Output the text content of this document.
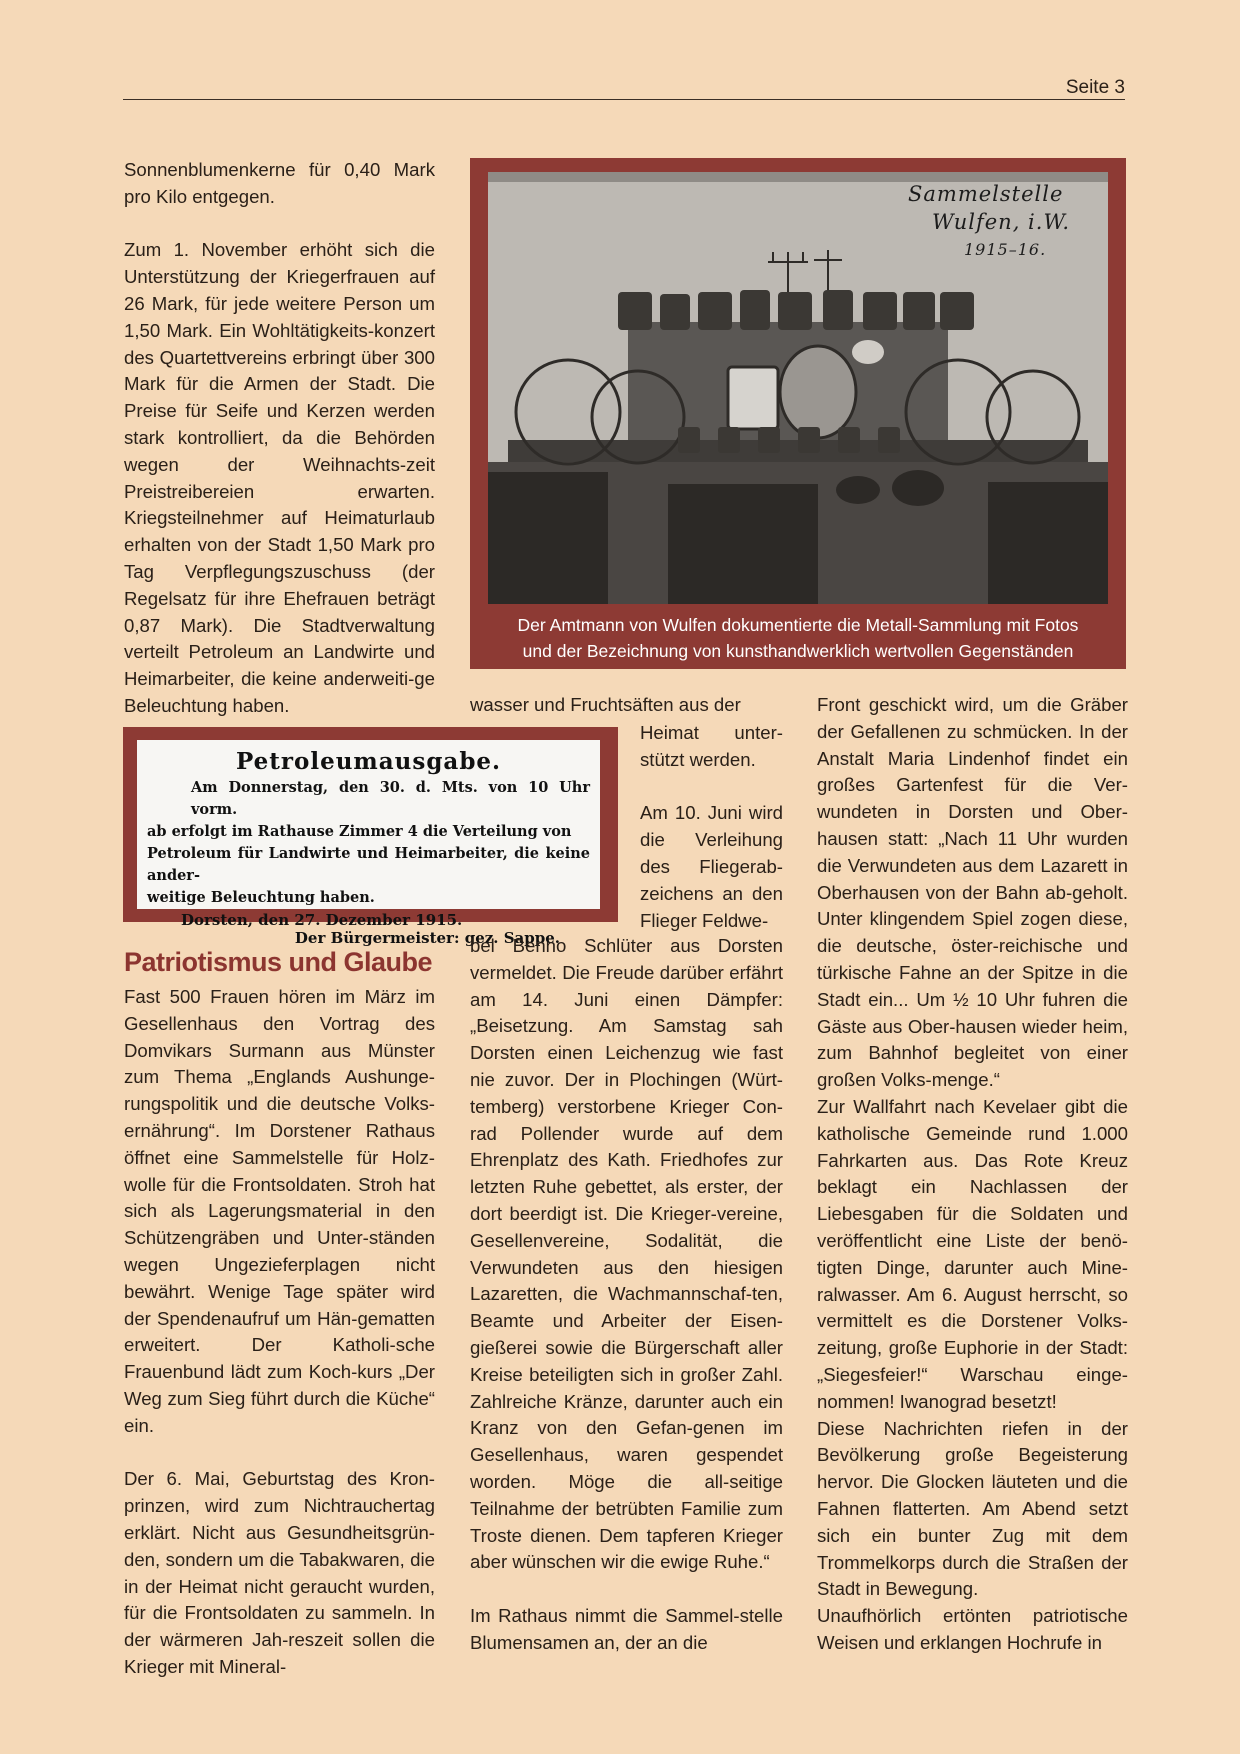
Seite 3

Sonnenblumenkerne für 0,40 Mark pro Kilo entgegen.

Zum 1. November erhöht sich die Unterstützung der Kriegerfrauen auf 26 Mark, für jede weitere Person um 1,50 Mark. Ein Wohltätigkeits-konzert des Quartettvereins erbringt über 300 Mark für die Armen der Stadt. Die Preise für Seife und Kerzen werden stark kontrolliert, da die Behörden wegen der Weihnachts-zeit Preistreibereien erwarten. Kriegsteilnehmer auf Heimaturlaub erhalten von der Stadt 1,50 Mark pro Tag Verpflegungszuschuss (der Regelsatz für ihre Ehefrauen beträgt 0,87 Mark). Die Stadtverwaltung verteilt Petroleum an Landwirte und Heimarbeiter, die keine anderweiti-ge Beleuchtung haben.

Sammelstelle
Wulfen, i.W.
1915–16.
Der Amtmann von Wulfen dokumentierte die Metall-Sammlung mit Fotos
und der Bezeichnung von kunsthandwerklich wertvollen Gegenständen
Petroleumausgabe.
Am Donnerstag, den 30. d. Mts. von 10 Uhr vorm.
ab erfolgt im Rathause Zimmer 4 die Verteilung von
Petroleum für Landwirte und Heimarbeiter, die keine ander-
weitige Beleuchtung haben.
Dorsten, den 27. Dezember 1915.
Der Bürgermeister: gez. Sappe.
Patriotismus und Glaube

Fast 500 Frauen hören im März im Gesellenhaus den Vortrag des Domvikars Surmann aus Münster zum Thema „Englands Aushunge-rungspolitik und die deutsche Volks-ernährung“. Im Dorstener Rathaus öffnet eine Sammelstelle für Holz-wolle für die Frontsoldaten. Stroh hat sich als Lagerungsmaterial in den Schützengräben und Unter-ständen wegen Ungezieferplagen nicht bewährt. Wenige Tage später wird der Spendenaufruf um Hän-gematten erweitert. Der Katholi-sche Frauenbund lädt zum Koch-kurs „Der Weg zum Sieg führt durch die Küche“ ein.

Der 6. Mai, Geburtstag des Kron-prinzen, wird zum Nichtrauchertag erklärt. Nicht aus Gesundheitsgrün-den, sondern um die Tabakwaren, die in der Heimat nicht geraucht wurden, für die Frontsoldaten zu sammeln. In der wärmeren Jah-reszeit sollen die Krieger mit Mineral-

wasser und Fruchtsäften aus der

Heimat unter-stützt werden.

Am 10. Juni wird die Verleihung des Fliegerab-zeichens an den Flieger Feldwe-

bel Benno Schlüter aus Dorsten vermeldet. Die Freude darüber erfährt am 14. Juni einen Dämpfer: „Beisetzung. Am Samstag sah Dorsten einen Leichenzug wie fast nie zuvor. Der in Plochingen (Würt-temberg) verstorbene Krieger Con-rad Pollender wurde auf dem Ehrenplatz des Kath. Friedhofes zur letzten Ruhe gebettet, als erster, der dort beerdigt ist. Die Krieger-vereine, Gesellenvereine, Sodalität, die Verwundeten aus den hiesigen Lazaretten, die Wachmannschaf-ten, Beamte und Arbeiter der Eisen-gießerei sowie die Bürgerschaft aller Kreise beteiligten sich in großer Zahl. Zahlreiche Kränze, darunter auch ein Kranz von den Gefan-genen im Gesellenhaus, waren gespendet worden. Möge die all-seitige Teilnahme der betrübten Familie zum Troste dienen. Dem tapferen Krieger aber wünschen wir die ewige Ruhe.“

Im Rathaus nimmt die Sammel-stelle Blumensamen an, der an die

Front geschickt wird, um die Gräber der Gefallenen zu schmücken. In der Anstalt Maria Lindenhof findet ein großes Gartenfest für die Ver-wundeten in Dorsten und Ober-hausen statt: „Nach 11 Uhr wurden die Verwundeten aus dem Lazarett in Oberhausen von der Bahn ab-geholt. Unter klingendem Spiel zogen diese, die deutsche, öster-reichische und türkische Fahne an der Spitze in die Stadt ein... Um ½ 10 Uhr fuhren die Gäste aus Ober-hausen wieder heim, zum Bahnhof begleitet von einer großen Volks-menge.“

Zur Wallfahrt nach Kevelaer gibt die katholische Gemeinde rund 1.000 Fahrkarten aus. Das Rote Kreuz beklagt ein Nachlassen der Liebesgaben für die Soldaten und veröffentlicht eine Liste der benö-tigten Dinge, darunter auch Mine-ralwasser. Am 6. August herrscht, so vermittelt es die Dorstener Volks-zeitung, große Euphorie in der Stadt: „Siegesfeier!“ Warschau einge-nommen! Iwanograd besetzt!

Diese Nachrichten riefen in der Bevölkerung große Begeisterung hervor. Die Glocken läuteten und die Fahnen flatterten. Am Abend setzt sich ein bunter Zug mit dem Trommelkorps durch die Straßen der Stadt in Bewegung.

Unaufhörlich ertönten patriotische Weisen und erklangen Hochrufe in
